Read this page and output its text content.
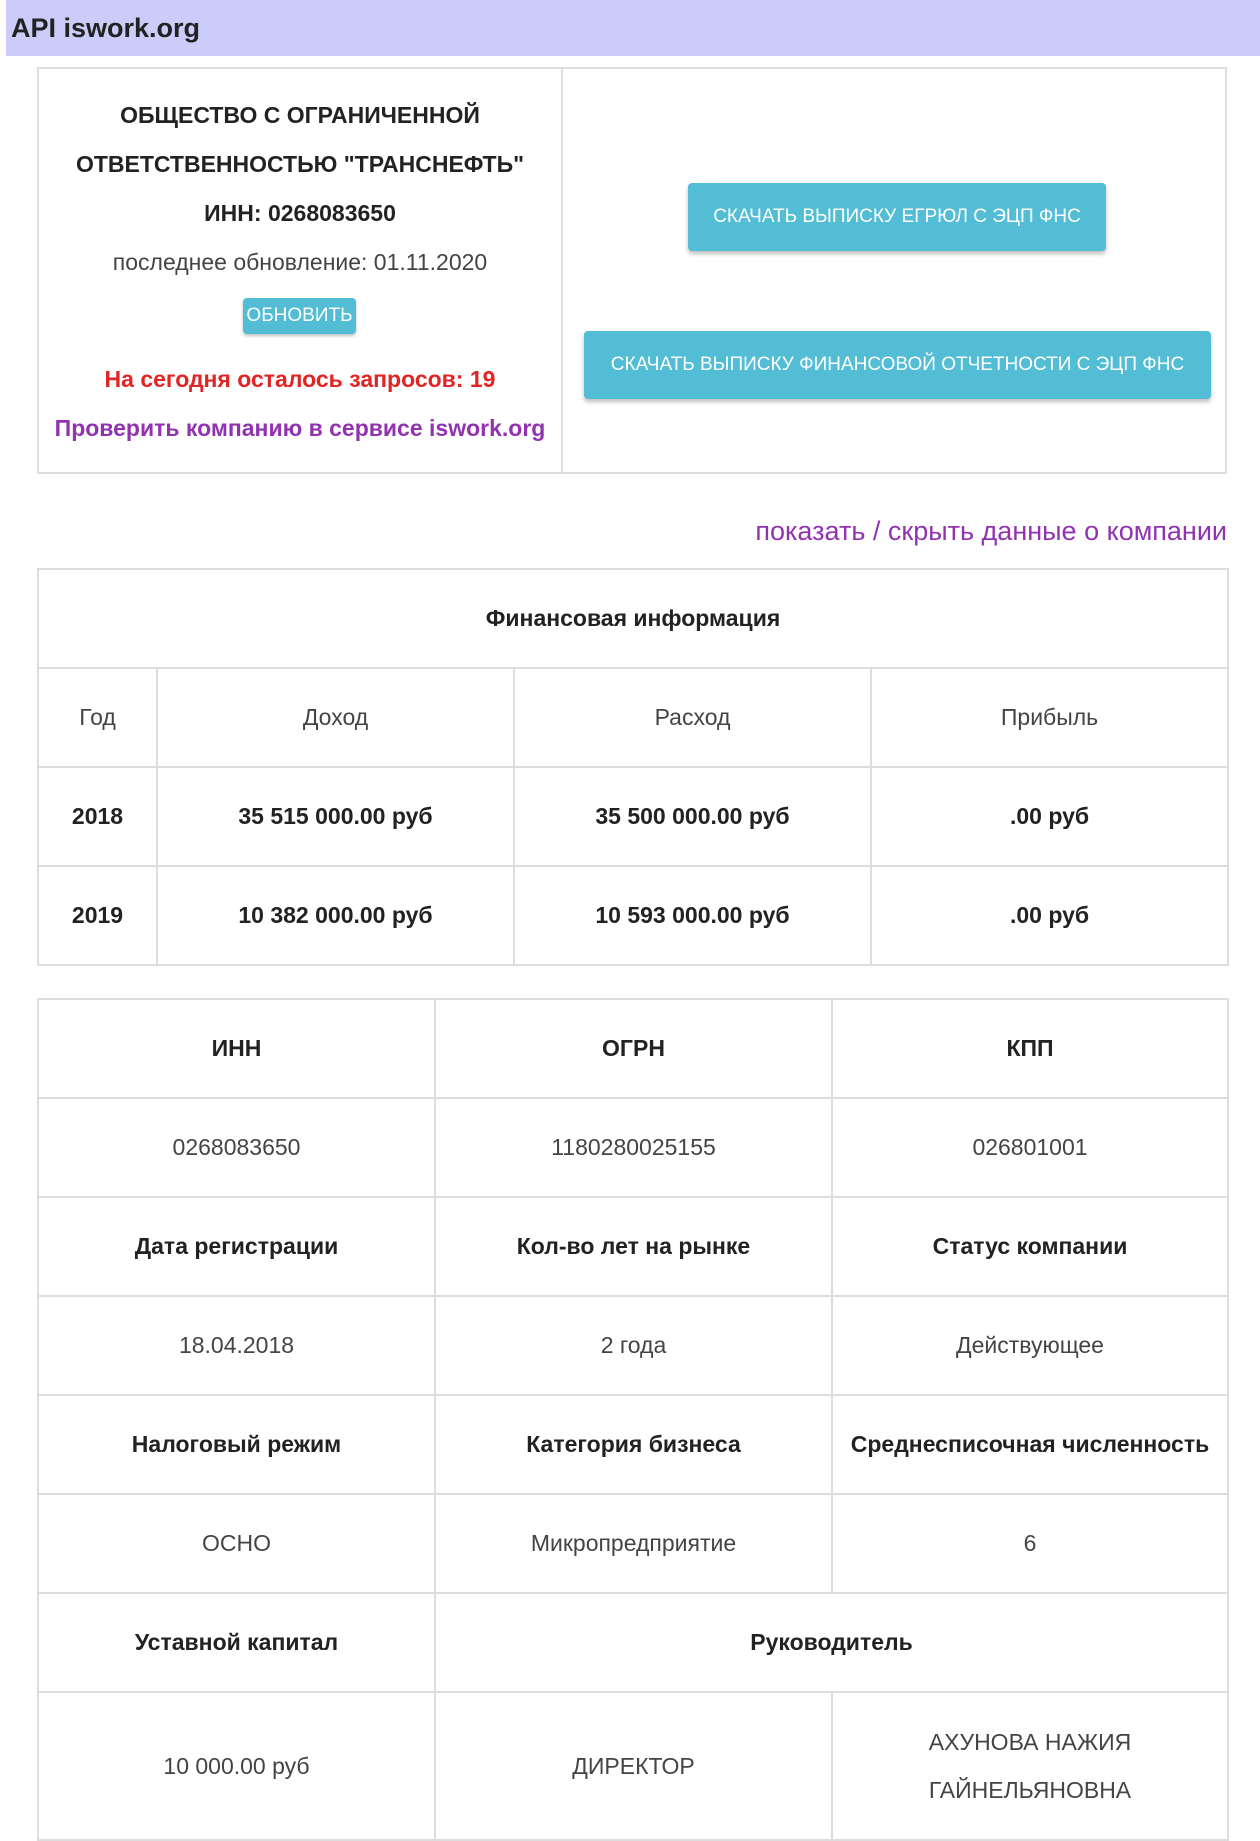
API iswork.org
ОБЩЕСТВО С ОГРАНИЧЕННОЙ
ОТВЕТСТВЕННОСТЬЮ "ТРАНСНЕФТЬ"
ИНН: 0268083650
последнее обновление: 01.11.2020
ОБНОВИТЬ
На сегодня осталось запросов: 19
Проверить компанию в сервисе iswork.org
СКАЧАТЬ ВЫПИСКУ ЕГРЮЛ С ЭЦП ФНС
СКАЧАТЬ ВЫПИСКУ ФИНАНСОВОЙ ОТЧЕТНОСТИ С ЭЦП ФНС
показать / скрыть данные о компании
Финансовая информация			
Год	Доход	Расход	Прибыль
2018	35 515 000.00 руб	35 500 000.00 руб	.00 руб
2019	10 382 000.00 руб	10 593 000.00 руб	.00 руб
ИНН	ОГРН	КПП
0268083650	1180280025155	026801001
Дата регистрации	Кол-во лет на рынке	Статус компании
18.04.2018	2 года	Действующее
Налоговый режим	Категория бизнеса	Среднесписочная численность
ОСНО	Микропредприятие	6
Уставной капитал	Руководитель	
10 000.00 руб	ДИРЕКТОР	АХУНОВА НАЖИЯ ГАЙНЕЛЬЯНОВНА
